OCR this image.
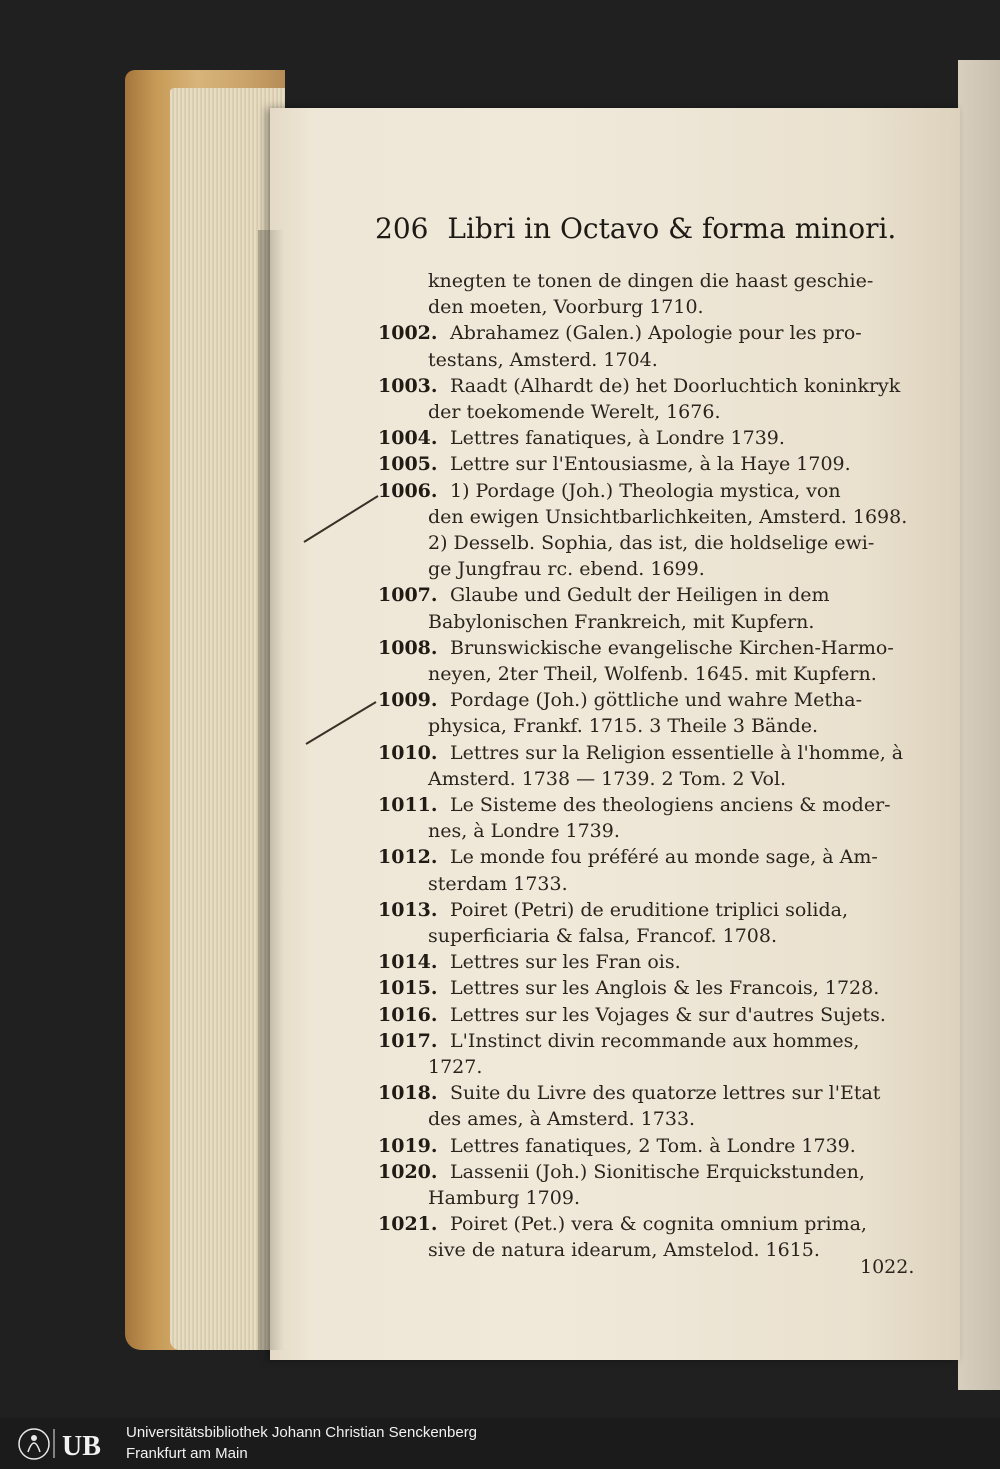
206 Libri in Octavo & forma minori.
knegten te tonen de dingen die haast geschie-
den moeten, Voorburg 1710.
1002. Abrahamez (Galen.) Apologie pour les pro-
testans, Amsterd. 1704.
1003. Raadt (Alhardt de) het Doorluchtich koninkryk
der toekomende Werelt, 1676.
1004. Lettres fanatiques, à Londre 1739.
1005. Lettre sur l'Entousiasme, à la Haye 1709.
1006. 1) Pordage (Joh.) Theologia mystica, von
den ewigen Unsichtbarlichkeiten, Amsterd. 1698.
2) Desselb. Sophia, das ist, die holdselige ewi-
ge Jungfrau rc. ebend. 1699.
1007. Glaube und Gedult der Heiligen in dem
Babylonischen Frankreich, mit Kupfern.
1008. Brunswickische evangelische Kirchen-Harmo-
neyen, 2ter Theil, Wolfenb. 1645. mit Kupfern.
1009. Pordage (Joh.) göttliche und wahre Metha-
physica, Frankf. 1715. 3 Theile 3 Bände.
1010. Lettres sur la Religion essentielle à l'homme, à
Amsterd. 1738 — 1739. 2 Tom. 2 Vol.
1011. Le Sisteme des theologiens anciens & moder-
nes, à Londre 1739.
1012. Le monde fou préféré au monde sage, à Am-
sterdam 1733.
1013. Poiret (Petri) de eruditione triplici solida,
superficiaria & falsa, Francof. 1708.
1014. Lettres sur les Fran ois.
1015. Lettres sur les Anglois & les Francois, 1728.
1016. Lettres sur les Vojages & sur d'autres Sujets.
1017. L'Instinct divin recommande aux hommes,
1727.
1018. Suite du Livre des quatorze lettres sur l'Etat
des ames, à Amsterd. 1733.
1019. Lettres fanatiques, 2 Tom. à Londre 1739.
1020. Lassenii (Joh.) Sionitische Erquickstunden,
Hamburg 1709.
1021. Poiret (Pet.) vera & cognita omnium prima,
sive de natura idearum, Amstelod. 1615.
1022.
UB Universitätsbibliothek Johann Christian Senckenberg
Frankfurt am Main
